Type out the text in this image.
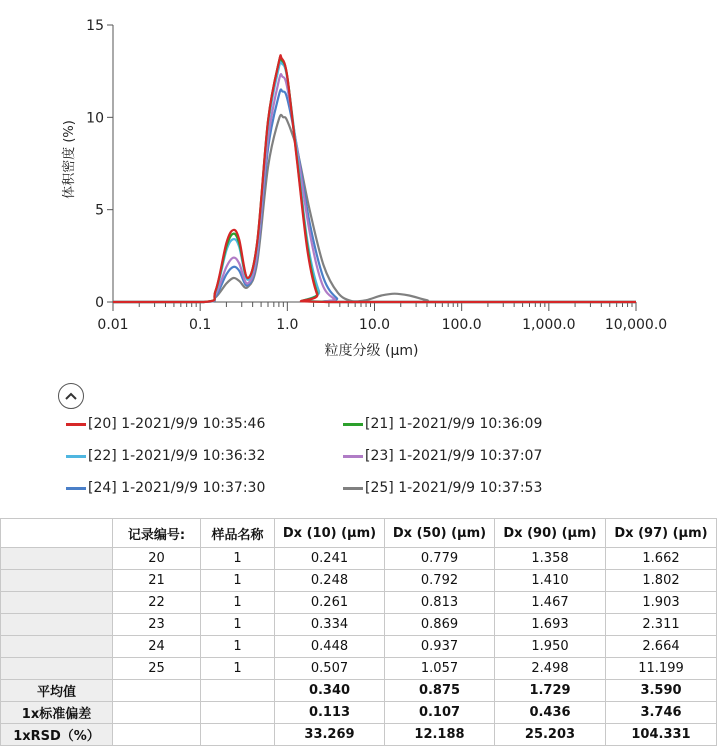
0
5
10
15
0.01	0.1	1.0	10.0	100.0	1,000.0 10,000.0
粒度分级 (μm)
体积密度 (%)
[20] 1-2021/9/9 10:35:46	[21] 1-2021/9/9 10:36:09
[22] 1-2021/9/9 10:36:32	[23] 1-2021/9/9 10:37:07
[24] 1-2021/9/9 10:37:30	[25] 1-2021/9/9 10:37:53
	记录编号:	样品名称	Dx (10) (μm)	Dx (50) (μm)	Dx (90) (μm)	Dx (97) (μm)
	20	1	0.241	0.779	1.358	1.662
	21	1	0.248	0.792	1.410	1.802
	22	1	0.261	0.813	1.467	1.903
	23	1	0.334	0.869	1.693	2.311
	24	1	0.448	0.937	1.950	2.664
	25	1	0.507	1.057	2.498	11.199
平均值			0.340	0.875	1.729	3.590
1x标准偏差			0.113	0.107	0.436	3.746
1xRSD（%）			33.269	12.188	25.203	104.331
